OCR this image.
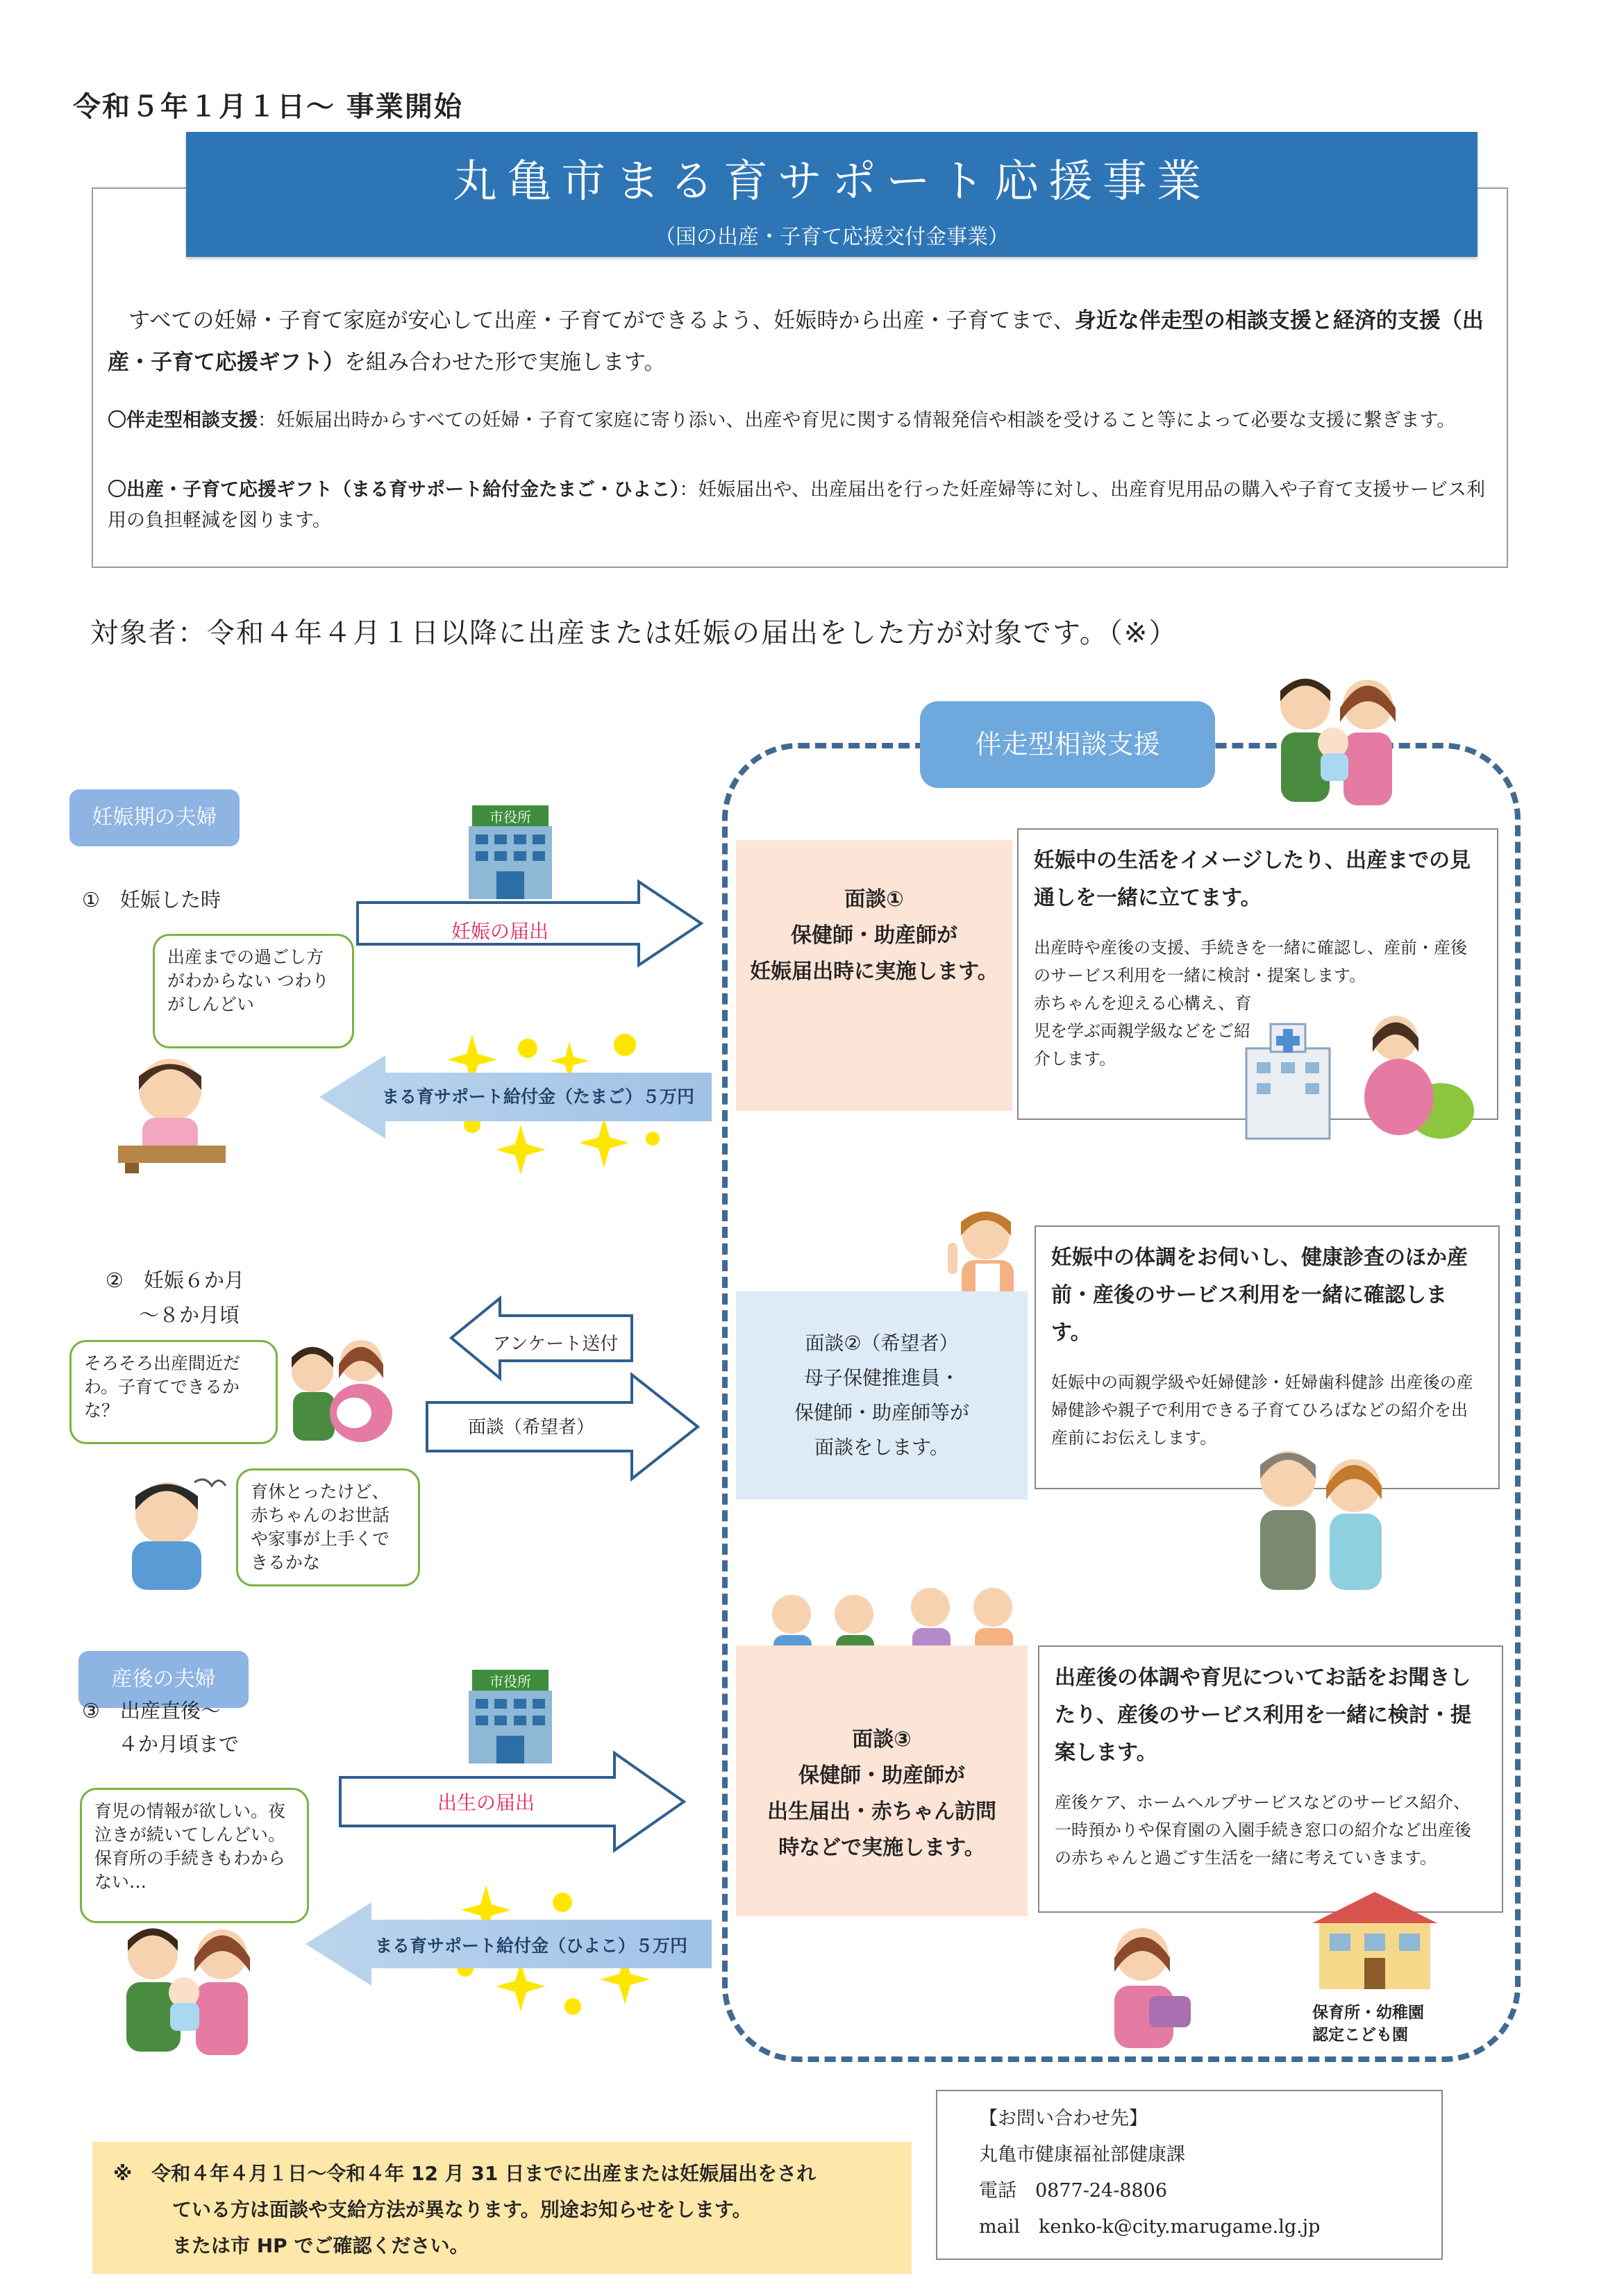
令和５年１月１日～ 事業開始
丸亀市まる育サポート応援事業
（国の出産・子育て応援交付金事業）
すべての妊婦・子育て家庭が安心して出産・子育てができるよう、妊娠時から出産・子育てまで、身近な伴走型の相談支援と経済的支援（出産・子育て応援ギフト）を組み合わせた形で実施します。
〇伴走型相談支援：妊娠届出時からすべての妊婦・子育て家庭に寄り添い、出産や育児に関する情報発信や相談を受けること等によって必要な支援に繋ぎます。
〇出産・子育て応援ギフト（まる育サポート給付金たまご・ひよこ）：妊娠届出や、出産届出を行った妊産婦等に対し、出産育児用品の購入や子育て支援サービス利用の負担軽減を図ります。
対象者：令和４年４月１日以降に出産または妊娠の届出をした方が対象です。（※）
伴走型相談支援
妊娠期の夫婦
産後の夫婦
①　妊娠した時
市役所
妊娠の届出
出産までの過ごし方がわからない つわりがしんどい
まる育サポート給付金（たまご）５万円
面談①
保健師・助産師が
妊娠届出時に実施します。
妊娠中の生活をイメージしたり、出産までの見通しを一緒に立てます。
出産時や産後の支援、手続きを一緒に確認し、産前・産後のサービス利用を一緒に検討・提案します。
赤ちゃんを迎える心構え、育児を学ぶ両親学級などをご紹介します。
②　妊娠６か月
～８か月頃
そろそろ出産間近だわ。子育てできるかな？
育休とったけど、赤ちゃんのお世話や家事が上手くできるかな
アンケート送付
面談（希望者）
面談②（希望者）
母子保健推進員・
保健師・助産師等が
面談をします。
妊娠中の体調をお伺いし、健康診査のほか産前・産後のサービス利用を一緒に確認します。
妊娠中の両親学級や妊婦健診・妊婦歯科健診 出産後の産婦健診や親子で利用できる子育てひろばなどの紹介を出産前にお伝えします。
③　出産直後～
４か月頃まで
市役所
出生の届出
育児の情報が欲しい。夜泣きが続いてしんどい。保育所の手続きもわからない…
まる育サポート給付金（ひよこ）５万円
面談③
保健師・助産師が
出生届出・赤ちゃん訪問
時などで実施します。
出産後の体調や育児についてお話をお聞きしたり、産後のサービス利用を一緒に検討・提案します。
産後ケア、ホームヘルプサービスなどのサービス紹介、一時預かりや保育園の入園手続き窓口の紹介など出産後の赤ちゃんと過ごす生活を一緒に考えていきます。
保育所・幼稚園
認定こども園
※　令和４年４月１日～令和４年 12 月 31 日までに出産または妊娠届出をされ
ている方は面談や支給方法が異なります。別途お知らせをします。
または市 HP でご確認ください。
【お問い合わせ先】
丸亀市健康福祉部健康課
電話　 0877-24-8806
mail　 kenko-k@city.marugame.lg.jp
